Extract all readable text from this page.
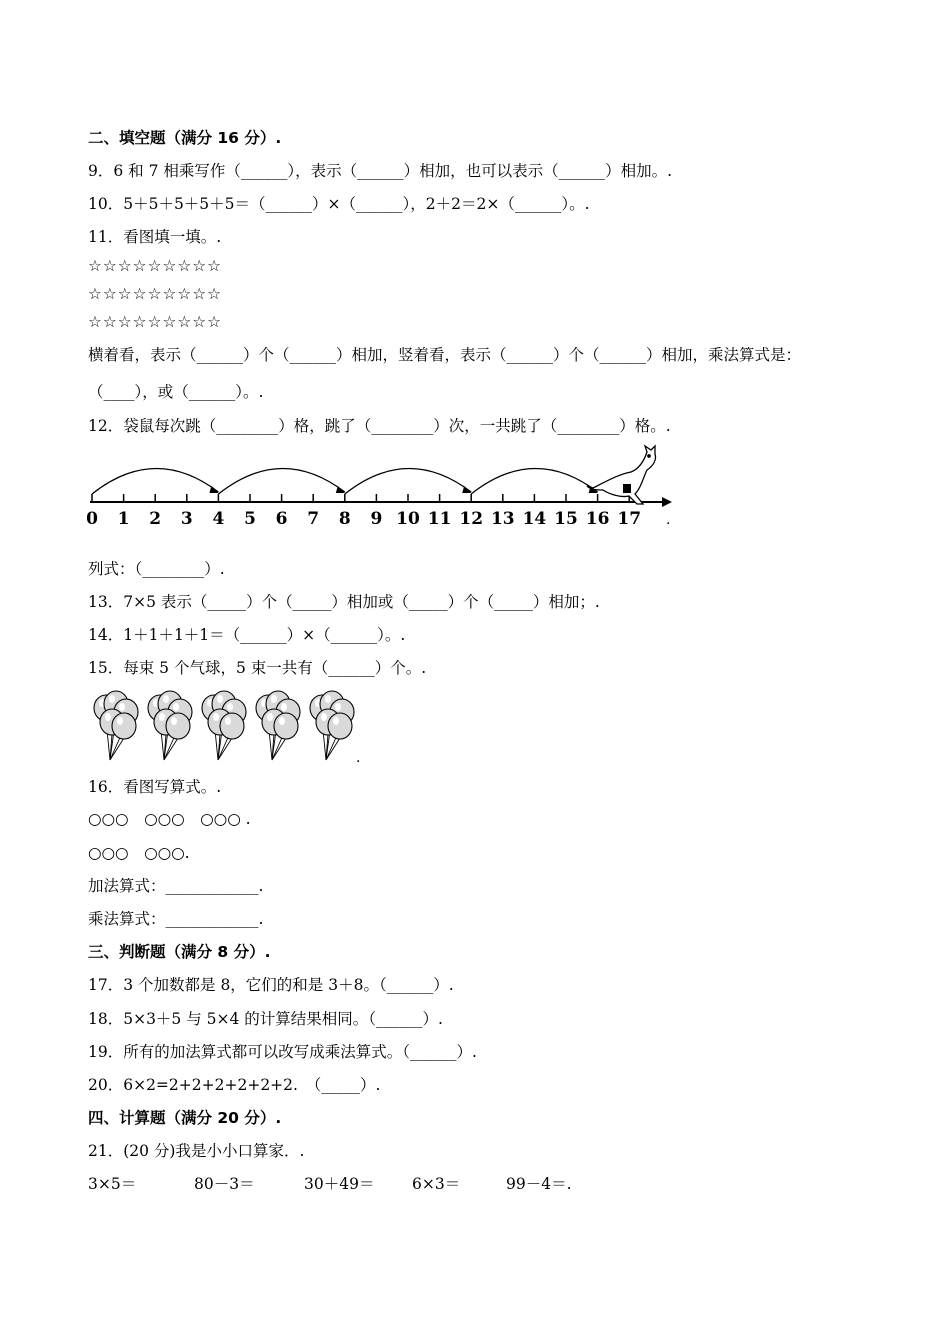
二、填空题（满分 16 分）.
9．6 和 7 相乘写作（______），表示（______）相加，也可以表示（______）相加。.
10．5＋5＋5＋5＋5＝（______）×（______），2＋2＝2×（______）。.
11．看图填一填。.
☆☆☆☆☆☆☆☆☆
☆☆☆☆☆☆☆☆☆
☆☆☆☆☆☆☆☆☆
横着看，表示（______）个（______）相加，竖着看，表示（______）个（______）相加，乘法算式是：
（____），或（______）。.
12．袋鼠每次跳（________）格，跳了（________）次，一共跳了（________）格。.
0 1 2 3 4 5 6 7 8 9 10 11 12 13 14 15 16 17 .
列式：（________）.
13．7×5 表示（_____）个（_____）相加或（_____）个（_____）相加；.
14．1＋1＋1＋1＝（______）×（______）。.
15．每束 5 个气球，5 束一共有（______）个。.
.
16．看图写算式。.
○○○　○○○　○○○ .
○○○　○○○.
加法算式：____________.
乘法算式：____________.
三、判断题（满分 8 分）.
17．3 个加数都是 8，它们的和是 3＋8。（______）.
18．5×3＋5 与 5×4 的计算结果相同。（______）.
19．所有的加法算式都可以改写成乘法算式。（______）.
20．6×2=2+2+2+2+2+2.　（_____）.
四、计算题（满分 20 分）.
21．(20 分)我是小小口算家．.
3×5＝	80－3＝	30＋49＝ 6×3＝	99－4＝.
